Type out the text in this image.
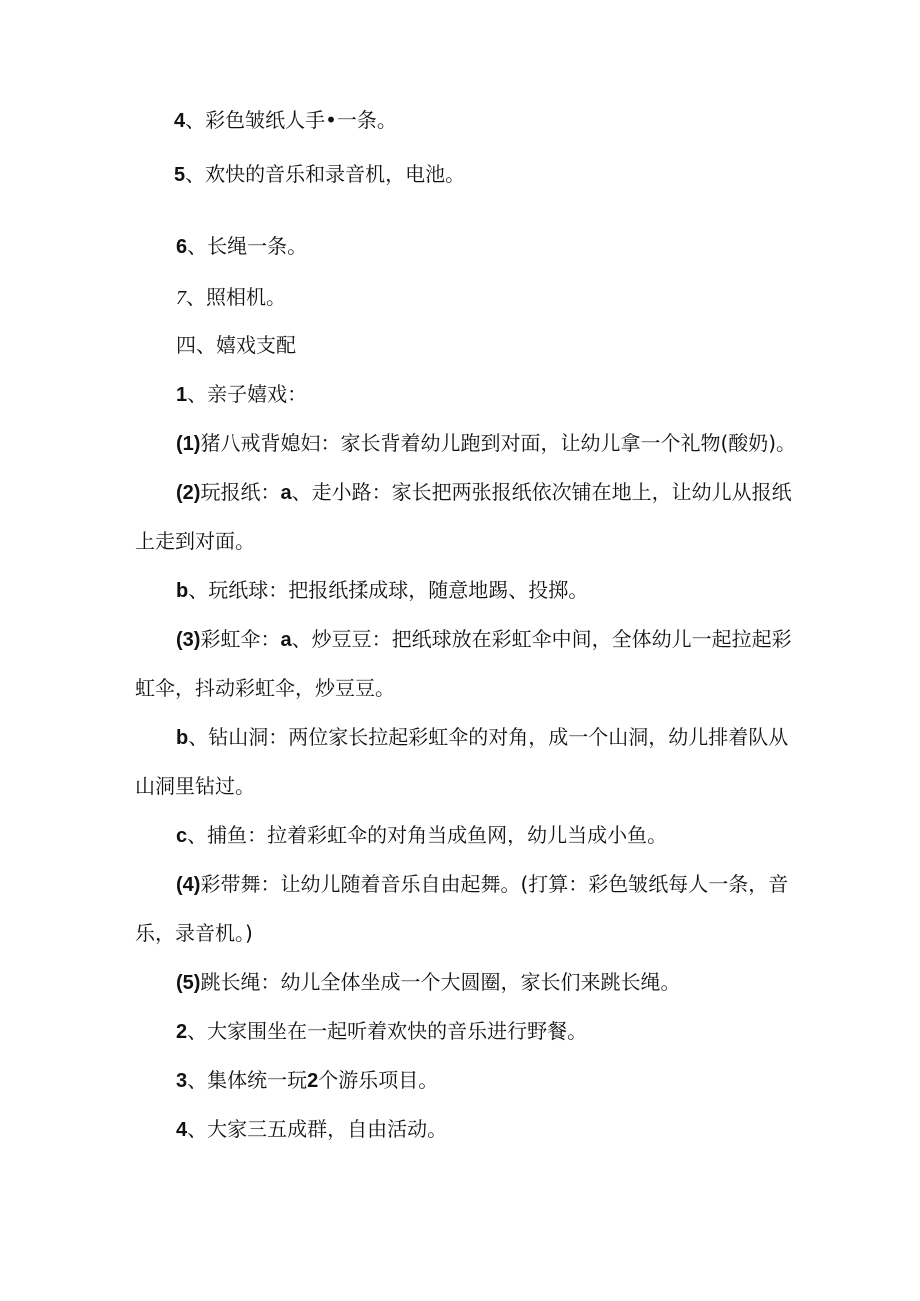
4、彩色皱纸人手•一条。

5、欢快的音乐和录音机，电池。

6、长绳一条。

7、照相机。

四、嬉戏支配

1、亲子嬉戏：

(1)猪八戒背媳妇：家长背着幼儿跑到对面，让幼儿拿一个礼物(酸奶)。

(2)玩报纸：a、走小路：家长把两张报纸依次铺在地上，让幼儿从报纸

上走到对面。

b、玩纸球：把报纸揉成球，随意地踢、投掷。

(3)彩虹伞：a、炒豆豆：把纸球放在彩虹伞中间，全体幼儿一起拉起彩

虹伞，抖动彩虹伞，炒豆豆。

b、钻山洞：两位家长拉起彩虹伞的对角，成一个山洞，幼儿排着队从

山洞里钻过。

c、捕鱼：拉着彩虹伞的对角当成鱼网，幼儿当成小鱼。

(4)彩带舞：让幼儿随着音乐自由起舞。(打算：彩色皱纸每人一条，音

乐，录音机。)

(5)跳长绳：幼儿全体坐成一个大圆圈，家长们来跳长绳。

2、大家围坐在一起听着欢快的音乐进行野餐。

3、集体统一玩2个游乐项目。

4、大家三五成群，自由活动。
